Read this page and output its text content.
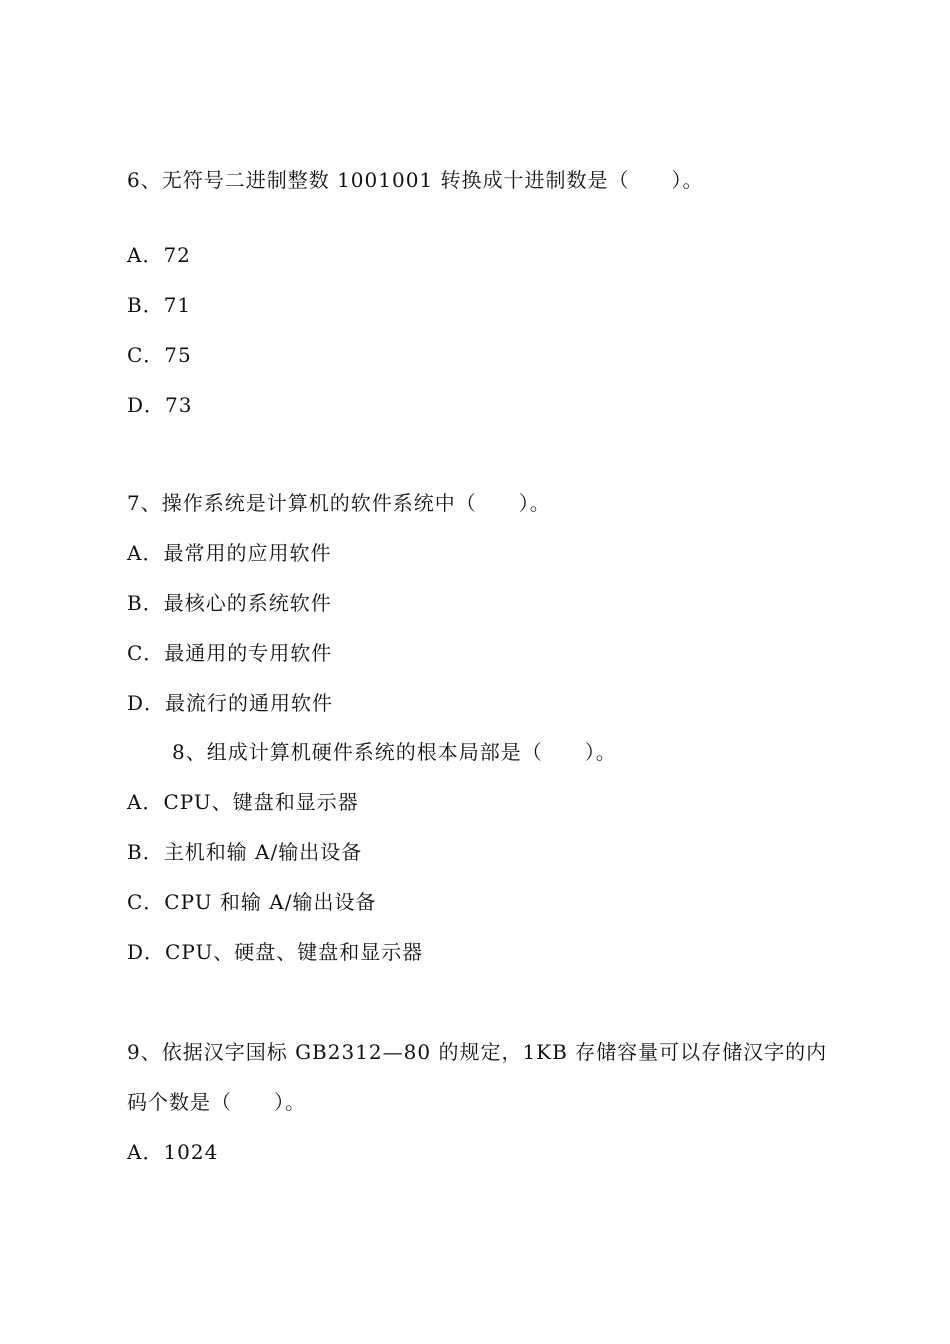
6、无符号二进制整数 1001001 转换成十进制数是（　　）。
A．72
B．71
C．75
D．73
7、操作系统是计算机的软件系统中（　　）。
A．最常用的应用软件
B．最核心的系统软件
C．最通用的专用软件
D．最流行的通用软件
8、组成计算机硬件系统的根本局部是（　　）。
A．CPU、键盘和显示器
B．主机和输 A/输出设备
C．CPU 和输 A/输出设备
D．CPU、硬盘、键盘和显示器
9、依据汉字国标 GB2312—80 的规定，1KB 存储容量可以存储汉字的内
码个数是（　　）。
A．1024
